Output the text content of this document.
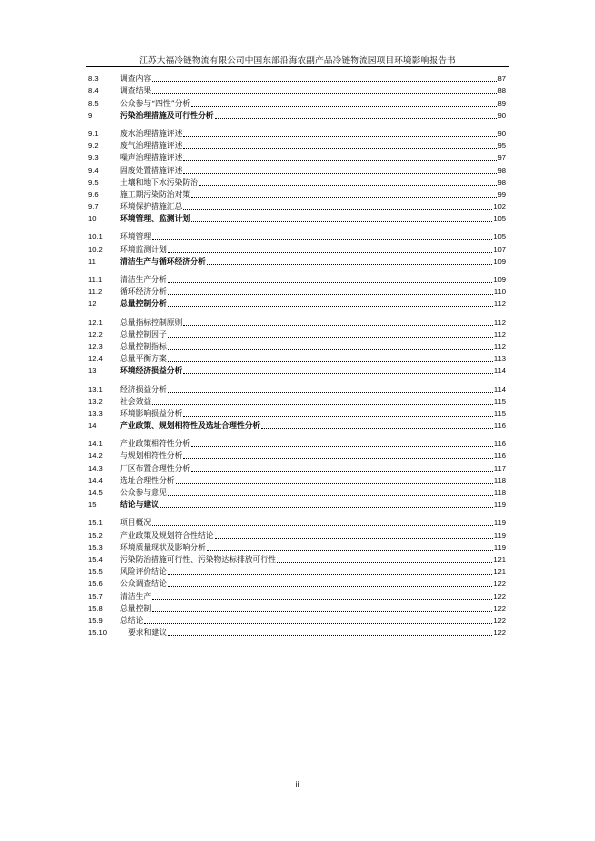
江苏大福冷链物流有限公司中国东部沿海农副产品冷链物流园项目环境影响报告书
8.3	调查内容	87
8.4	调查结果	88
8.5	公众参与“四性”分析	89
9	污染治理措施及可行性分析	90
9.1	废水治理措施评述	90
9.2	废气治理措施评述	95
9.3	噪声治理措施评述	97
9.4	固废处置措施评述	98
9.5	土壤和地下水污染防治	98
9.6	施工期污染防治对策	99
9.7	环境保护措施汇总	102
10	环境管理、监测计划	105
10.1	环境管理	105
10.2	环境监测计划	107
11	清洁生产与循环经济分析	109
11.1	清洁生产分析	109
11.2	循环经济分析	110
12	总量控制分析	112
12.1	总量指标控制原则	112
12.2	总量控制因子	112
12.3	总量控制指标	112
12.4	总量平衡方案	113
13	环境经济损益分析	114
13.1	经济损益分析	114
13.2	社会效益	115
13.3	环境影响损益分析	115
14	产业政策、规划相符性及选址合理性分析	116
14.1	产业政策相符性分析	116
14.2	与规划相符性分析	116
14.3	厂区布置合理性分析	117
14.4	选址合理性分析	118
14.5	公众参与意见	118
15	结论与建议	119
15.1	项目概况	119
15.2	产业政策及规划符合性结论	119
15.3	环境质量现状及影响分析	119
15.4	污染防治措施可行性、污染物达标排放可行性	121
15.5	风险评价结论	121
15.6	公众调查结论	122
15.7	清洁生产	122
15.8	总量控制	122
15.9	总结论	122
15.10	要求和建议	122
ii
